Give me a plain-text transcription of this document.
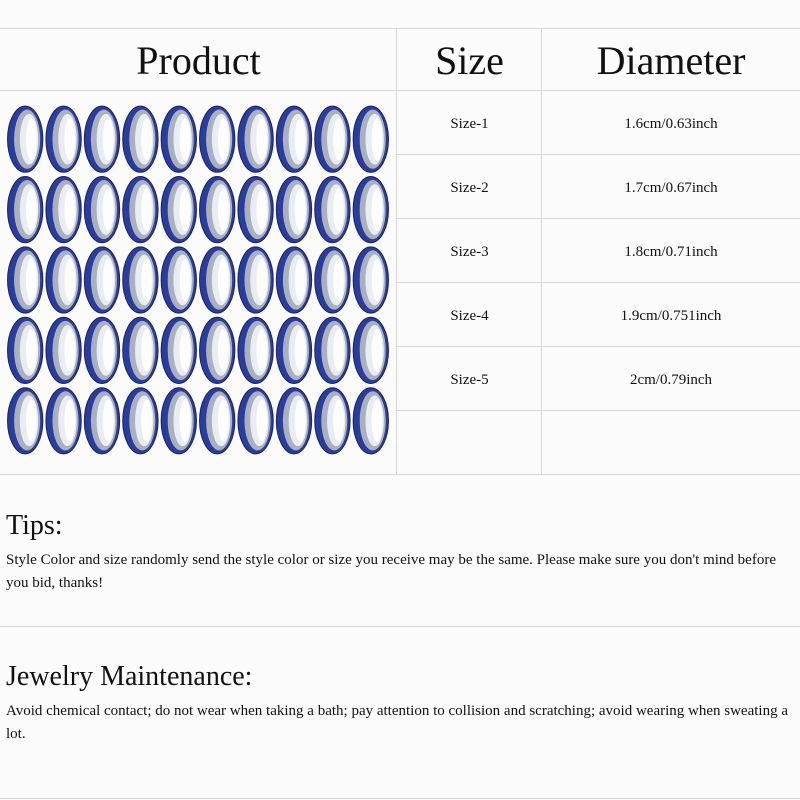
Product	Size	Diameter
Size-1	1.6cm/0.63inch
Size-2	1.7cm/0.67inch
Size-3	1.8cm/0.71inch
Size-4	1.9cm/0.751inch
Size-5	2cm/0.79inch
Tips:

Style Color and size randomly send the style color or size you receive may be the same. Please make sure you don't mind before you bid, thanks!

Jewelry Maintenance:

Avoid chemical contact; do not wear when taking a bath; pay attention to collision and scratching; avoid wearing when sweating a lot.
